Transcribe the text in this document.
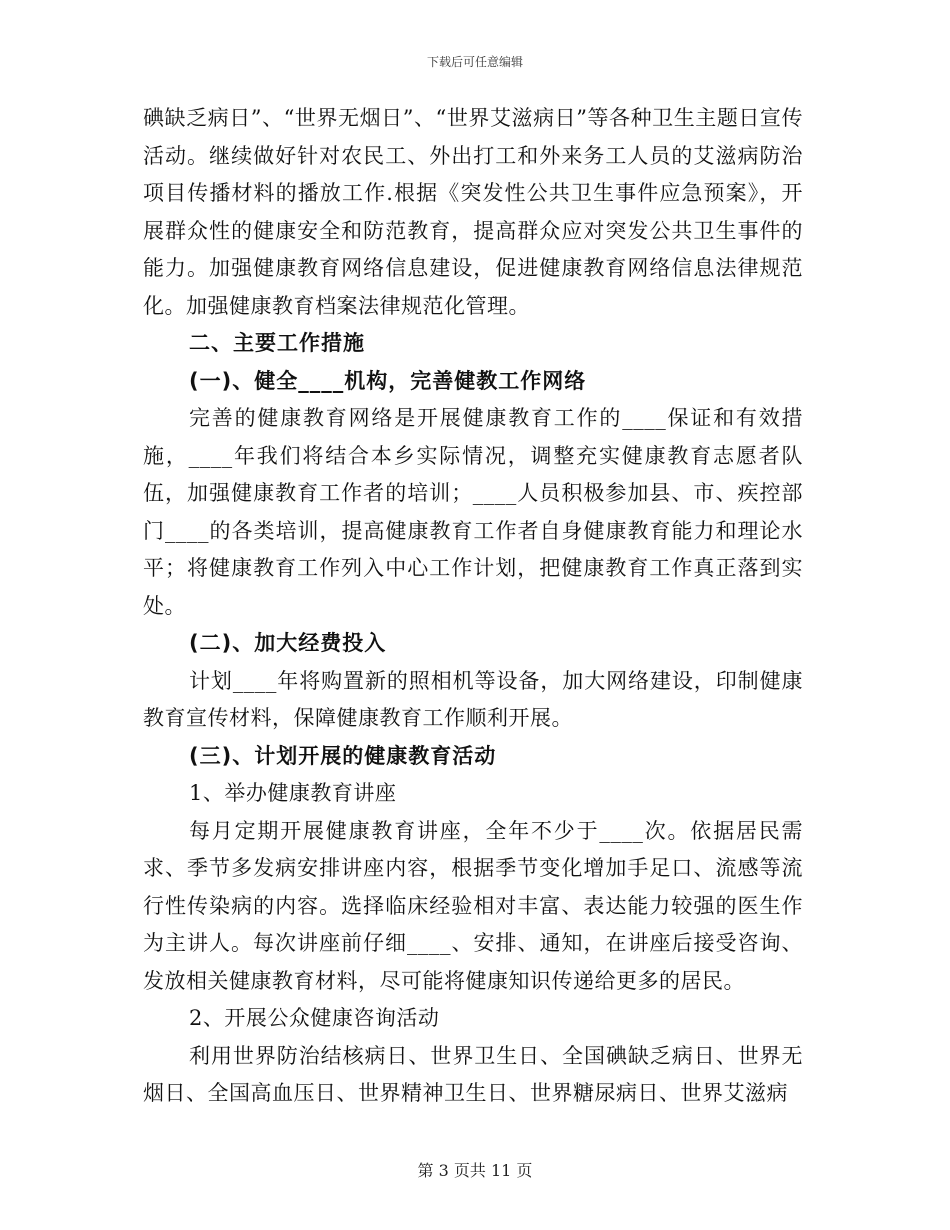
下载后可任意编辑

碘缺乏病日”、“世界无烟日”、“世界艾滋病日”等各种卫生主题日宣传活动。继续做好针对农民工、外出打工和外来务工人员的艾滋病防治项目传播材料的播放工作.根据《突发性公共卫生事件应急预案》，开展群众性的健康安全和防范教育，提高群众应对突发公共卫生事件的能力。加强健康教育网络信息建设，促进健康教育网络信息法律规范化。加强健康教育档案法律规范化管理。

二、主要工作措施

(一)、健全____机构，完善健教工作网络

完善的健康教育网络是开展健康教育工作的____保证和有效措施，____年我们将结合本乡实际情况，调整充实健康教育志愿者队伍，加强健康教育工作者的培训；____人员积极参加县、市、疾控部门____的各类培训，提高健康教育工作者自身健康教育能力和理论水平；将健康教育工作列入中心工作计划，把健康教育工作真正落到实处。

(二)、加大经费投入

计划____年将购置新的照相机等设备，加大网络建设，印制健康教育宣传材料，保障健康教育工作顺利开展。

(三)、计划开展的健康教育活动

1、举办健康教育讲座

每月定期开展健康教育讲座，全年不少于____次。依据居民需求、季节多发病安排讲座内容，根据季节变化增加手足口、流感等流行性传染病的内容。选择临床经验相对丰富、表达能力较强的医生作为主讲人。每次讲座前仔细____、安排、通知，在讲座后接受咨询、发放相关健康教育材料，尽可能将健康知识传递给更多的居民。

2、开展公众健康咨询活动

利用世界防治结核病日、世界卫生日、全国碘缺乏病日、世界无烟日、全国高血压日、世界精神卫生日、世界糖尿病日、世界艾滋病

第 3 页共 11 页
